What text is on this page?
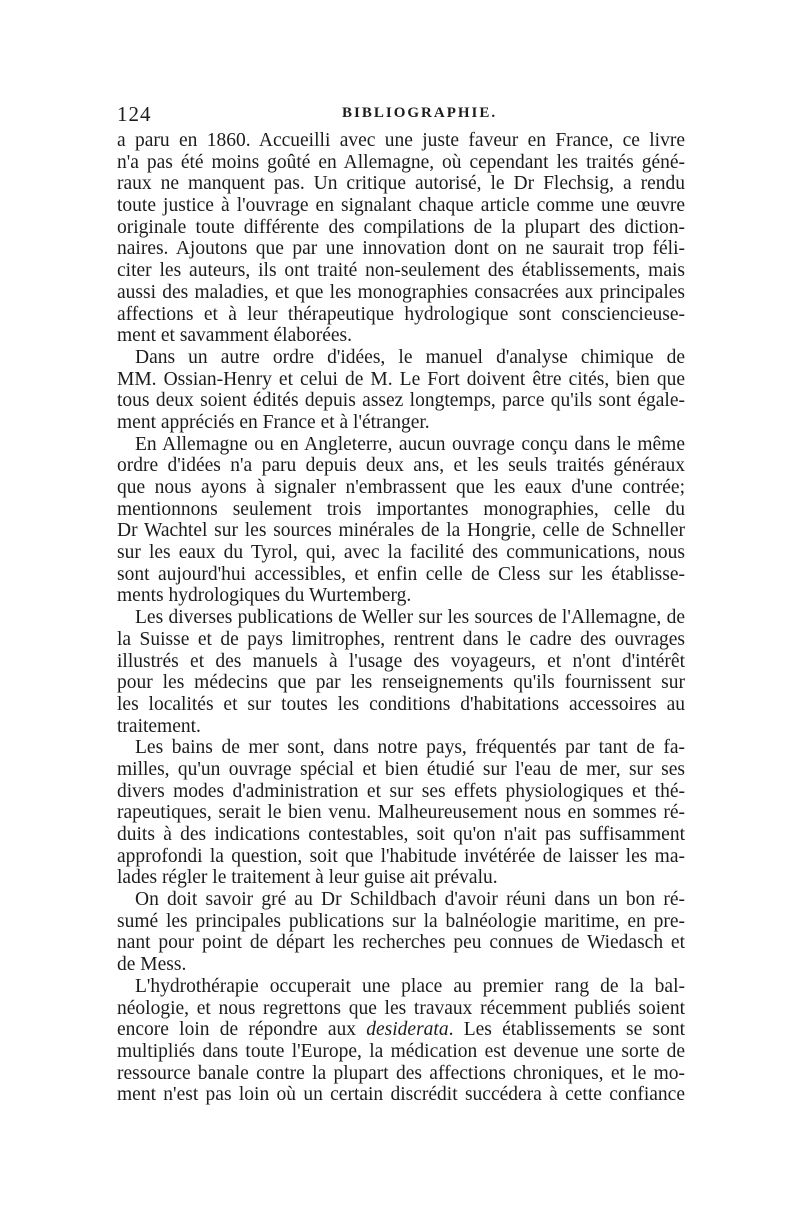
124	BIBLIOGRAPHIE.
a paru en 1860. Accueilli avec une juste faveur en France, ce livre
n'a pas été moins goûté en Allemagne, où cependant les traités géné-
raux ne manquent pas. Un critique autorisé, le Dr Flechsig, a rendu
toute justice à l'ouvrage en signalant chaque article comme une œuvre
originale toute différente des compilations de la plupart des diction-
naires. Ajoutons que par une innovation dont on ne saurait trop féli-
citer les auteurs, ils ont traité non-seulement des établissements, mais
aussi des maladies, et que les monographies consacrées aux principales
affections et à leur thérapeutique hydrologique sont consciencieuse-
ment et savamment élaborées.
Dans un autre ordre d'idées, le manuel d'analyse chimique de
MM. Ossian-Henry et celui de M. Le Fort doivent être cités, bien que
tous deux soient édités depuis assez longtemps, parce qu'ils sont égale-
ment appréciés en France et à l'étranger.
En Allemagne ou en Angleterre, aucun ouvrage conçu dans le même
ordre d'idées n'a paru depuis deux ans, et les seuls traités généraux
que nous ayons à signaler n'embrassent que les eaux d'une contrée;
mentionnons seulement trois importantes monographies, celle du
Dr Wachtel sur les sources minérales de la Hongrie, celle de Schneller
sur les eaux du Tyrol, qui, avec la facilité des communications, nous
sont aujourd'hui accessibles, et enfin celle de Cless sur les établisse-
ments hydrologiques du Wurtemberg.
Les diverses publications de Weller sur les sources de l'Allemagne, de
la Suisse et de pays limitrophes, rentrent dans le cadre des ouvrages
illustrés et des manuels à l'usage des voyageurs, et n'ont d'intérêt
pour les médecins que par les renseignements qu'ils fournissent sur
les localités et sur toutes les conditions d'habitations accessoires au
traitement.
Les bains de mer sont, dans notre pays, fréquentés par tant de fa-
milles, qu'un ouvrage spécial et bien étudié sur l'eau de mer, sur ses
divers modes d'administration et sur ses effets physiologiques et thé-
rapeutiques, serait le bien venu. Malheureusement nous en sommes ré-
duits à des indications contestables, soit qu'on n'ait pas suffisamment
approfondi la question, soit que l'habitude invétérée de laisser les ma-
lades régler le traitement à leur guise ait prévalu.
On doit savoir gré au Dr Schildbach d'avoir réuni dans un bon ré-
sumé les principales publications sur la balnéologie maritime, en pre-
nant pour point de départ les recherches peu connues de Wiedasch et
de Mess.
L'hydrothérapie occuperait une place au premier rang de la bal-
néologie, et nous regrettons que les travaux récemment publiés soient
encore loin de répondre aux desiderata. Les établissements se sont
multipliés dans toute l'Europe, la médication est devenue une sorte de
ressource banale contre la plupart des affections chroniques, et le mo-
ment n'est pas loin où un certain discrédit succédera à cette confiance
